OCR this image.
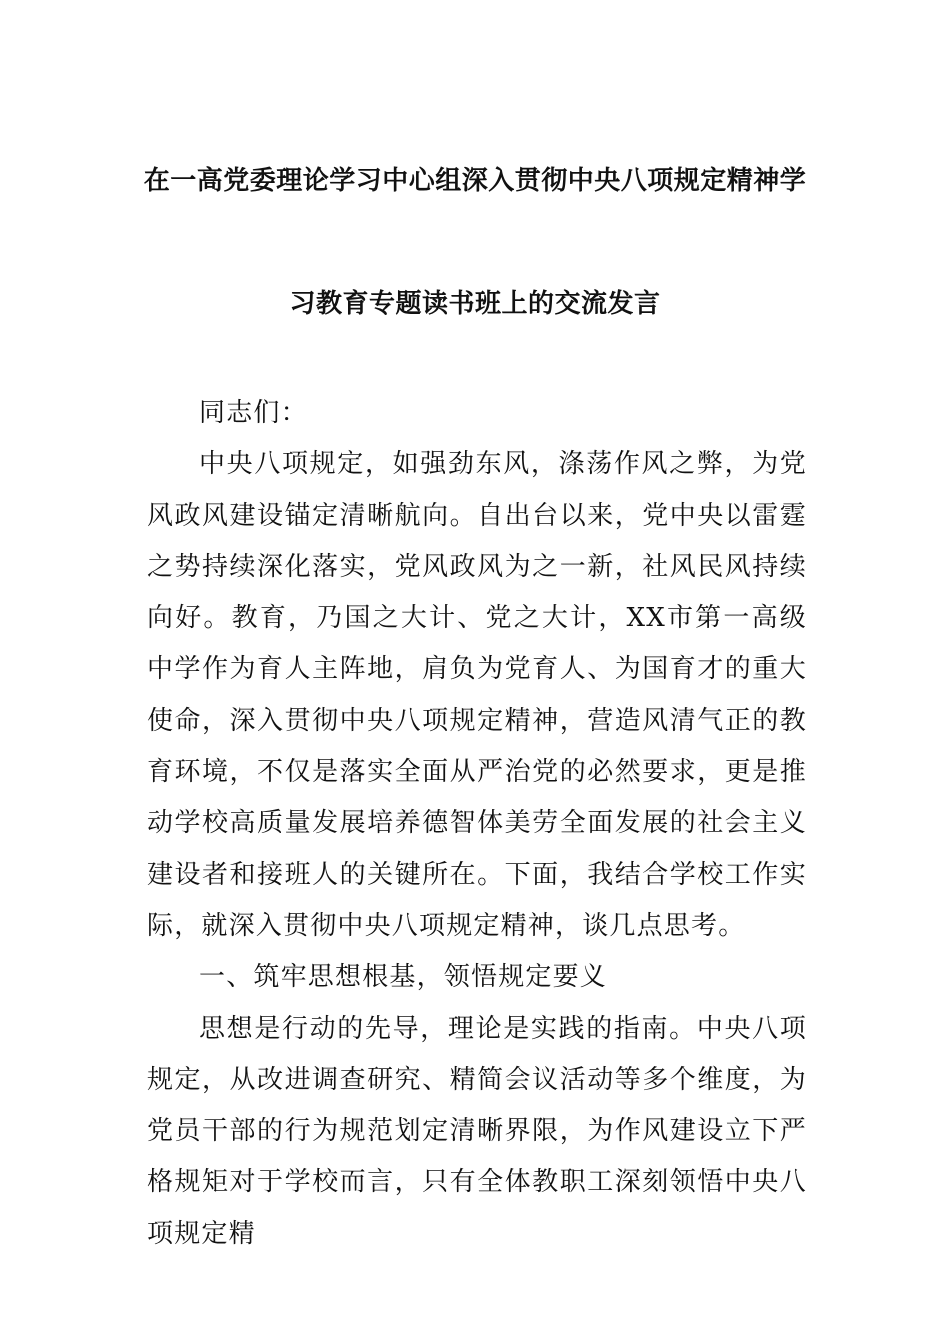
在一高党委理论学习中心组深入贯彻中央八项规定精神学
习教育专题读书班上的交流发言

同志们：

中央八项规定，如强劲东风，涤荡作风之弊，为党风政风建设锚定清晰航向。自出台以来，党中央以雷霆之势持续深化落实，党风政风为之一新，社风民风持续向好。教育，乃国之大计、党之大计，XX市第一高级中学作为育人主阵地，肩负为党育人、为国育才的重大使命，深入贯彻中央八项规定精神，营造风清气正的教育环境，不仅是落实全面从严治党的必然要求，更是推动学校高质量发展培养德智体美劳全面发展的社会主义建设者和接班人的关键所在。下面，我结合学校工作实际，就深入贯彻中央八项规定精神，谈几点思考。

一、筑牢思想根基，领悟规定要义

思想是行动的先导，理论是实践的指南。中央八项规定，从改进调查研究、精简会议活动等多个维度，为党员干部的行为规范划定清晰界限，为作风建设立下严格规矩对于学校而言，只有全体教职工深刻领悟中央八项规定精
